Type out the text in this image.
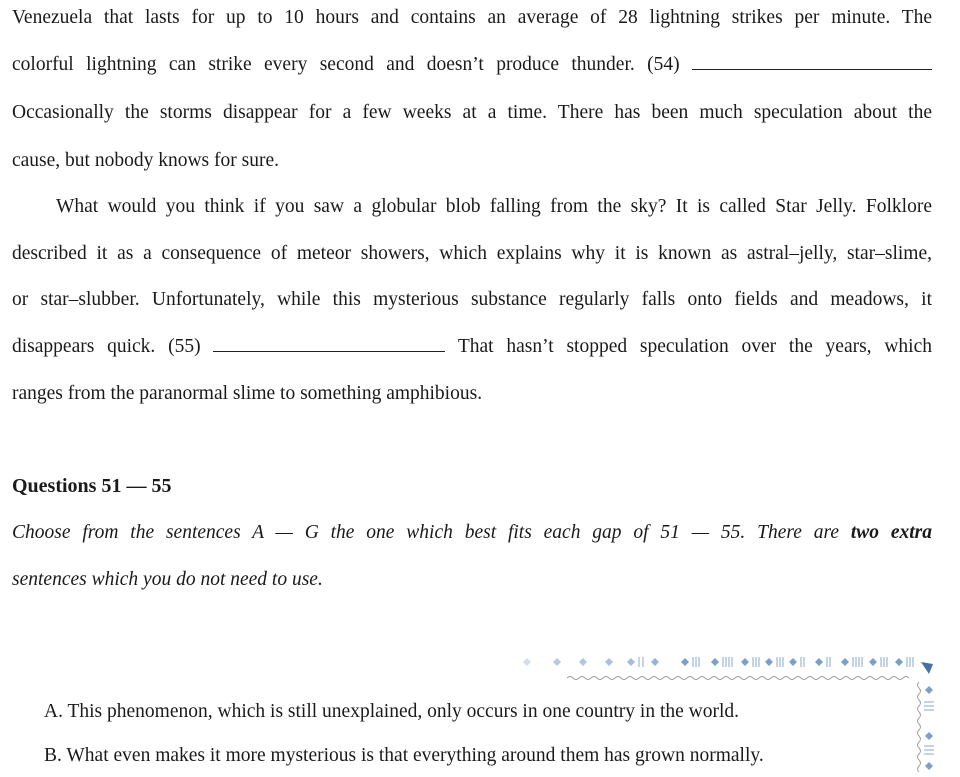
Venezuela that lasts for up to 10 hours and contains an average of 28 lightning strikes per minute. The
colorful lightning can strike every second and doesn’t produce thunder. (54)
Occasionally the storms disappear for a few weeks at a time. There has been much speculation about the
cause, but nobody knows for sure.
What would you think if you saw a globular blob falling from the sky? It is called Star Jelly. Folklore
described it as a consequence of meteor showers, which explains why it is known as astral–jelly, star–slime,
or star–slubber. Unfortunately, while this mysterious substance regularly falls onto fields and meadows, it
disappears quick. (55)	That hasn’t stopped speculation over the years, which
ranges from the paranormal slime to something amphibious.
Questions 51 — 55
Choose from the sentences A — G the one which best fits each gap of 51 — 55. There are two extra
sentences which you do not need to use.
A. This phenomenon, which is still unexplained, only occurs in one country in the world.
B. What even makes it more mysterious is that everything around them has grown normally.
